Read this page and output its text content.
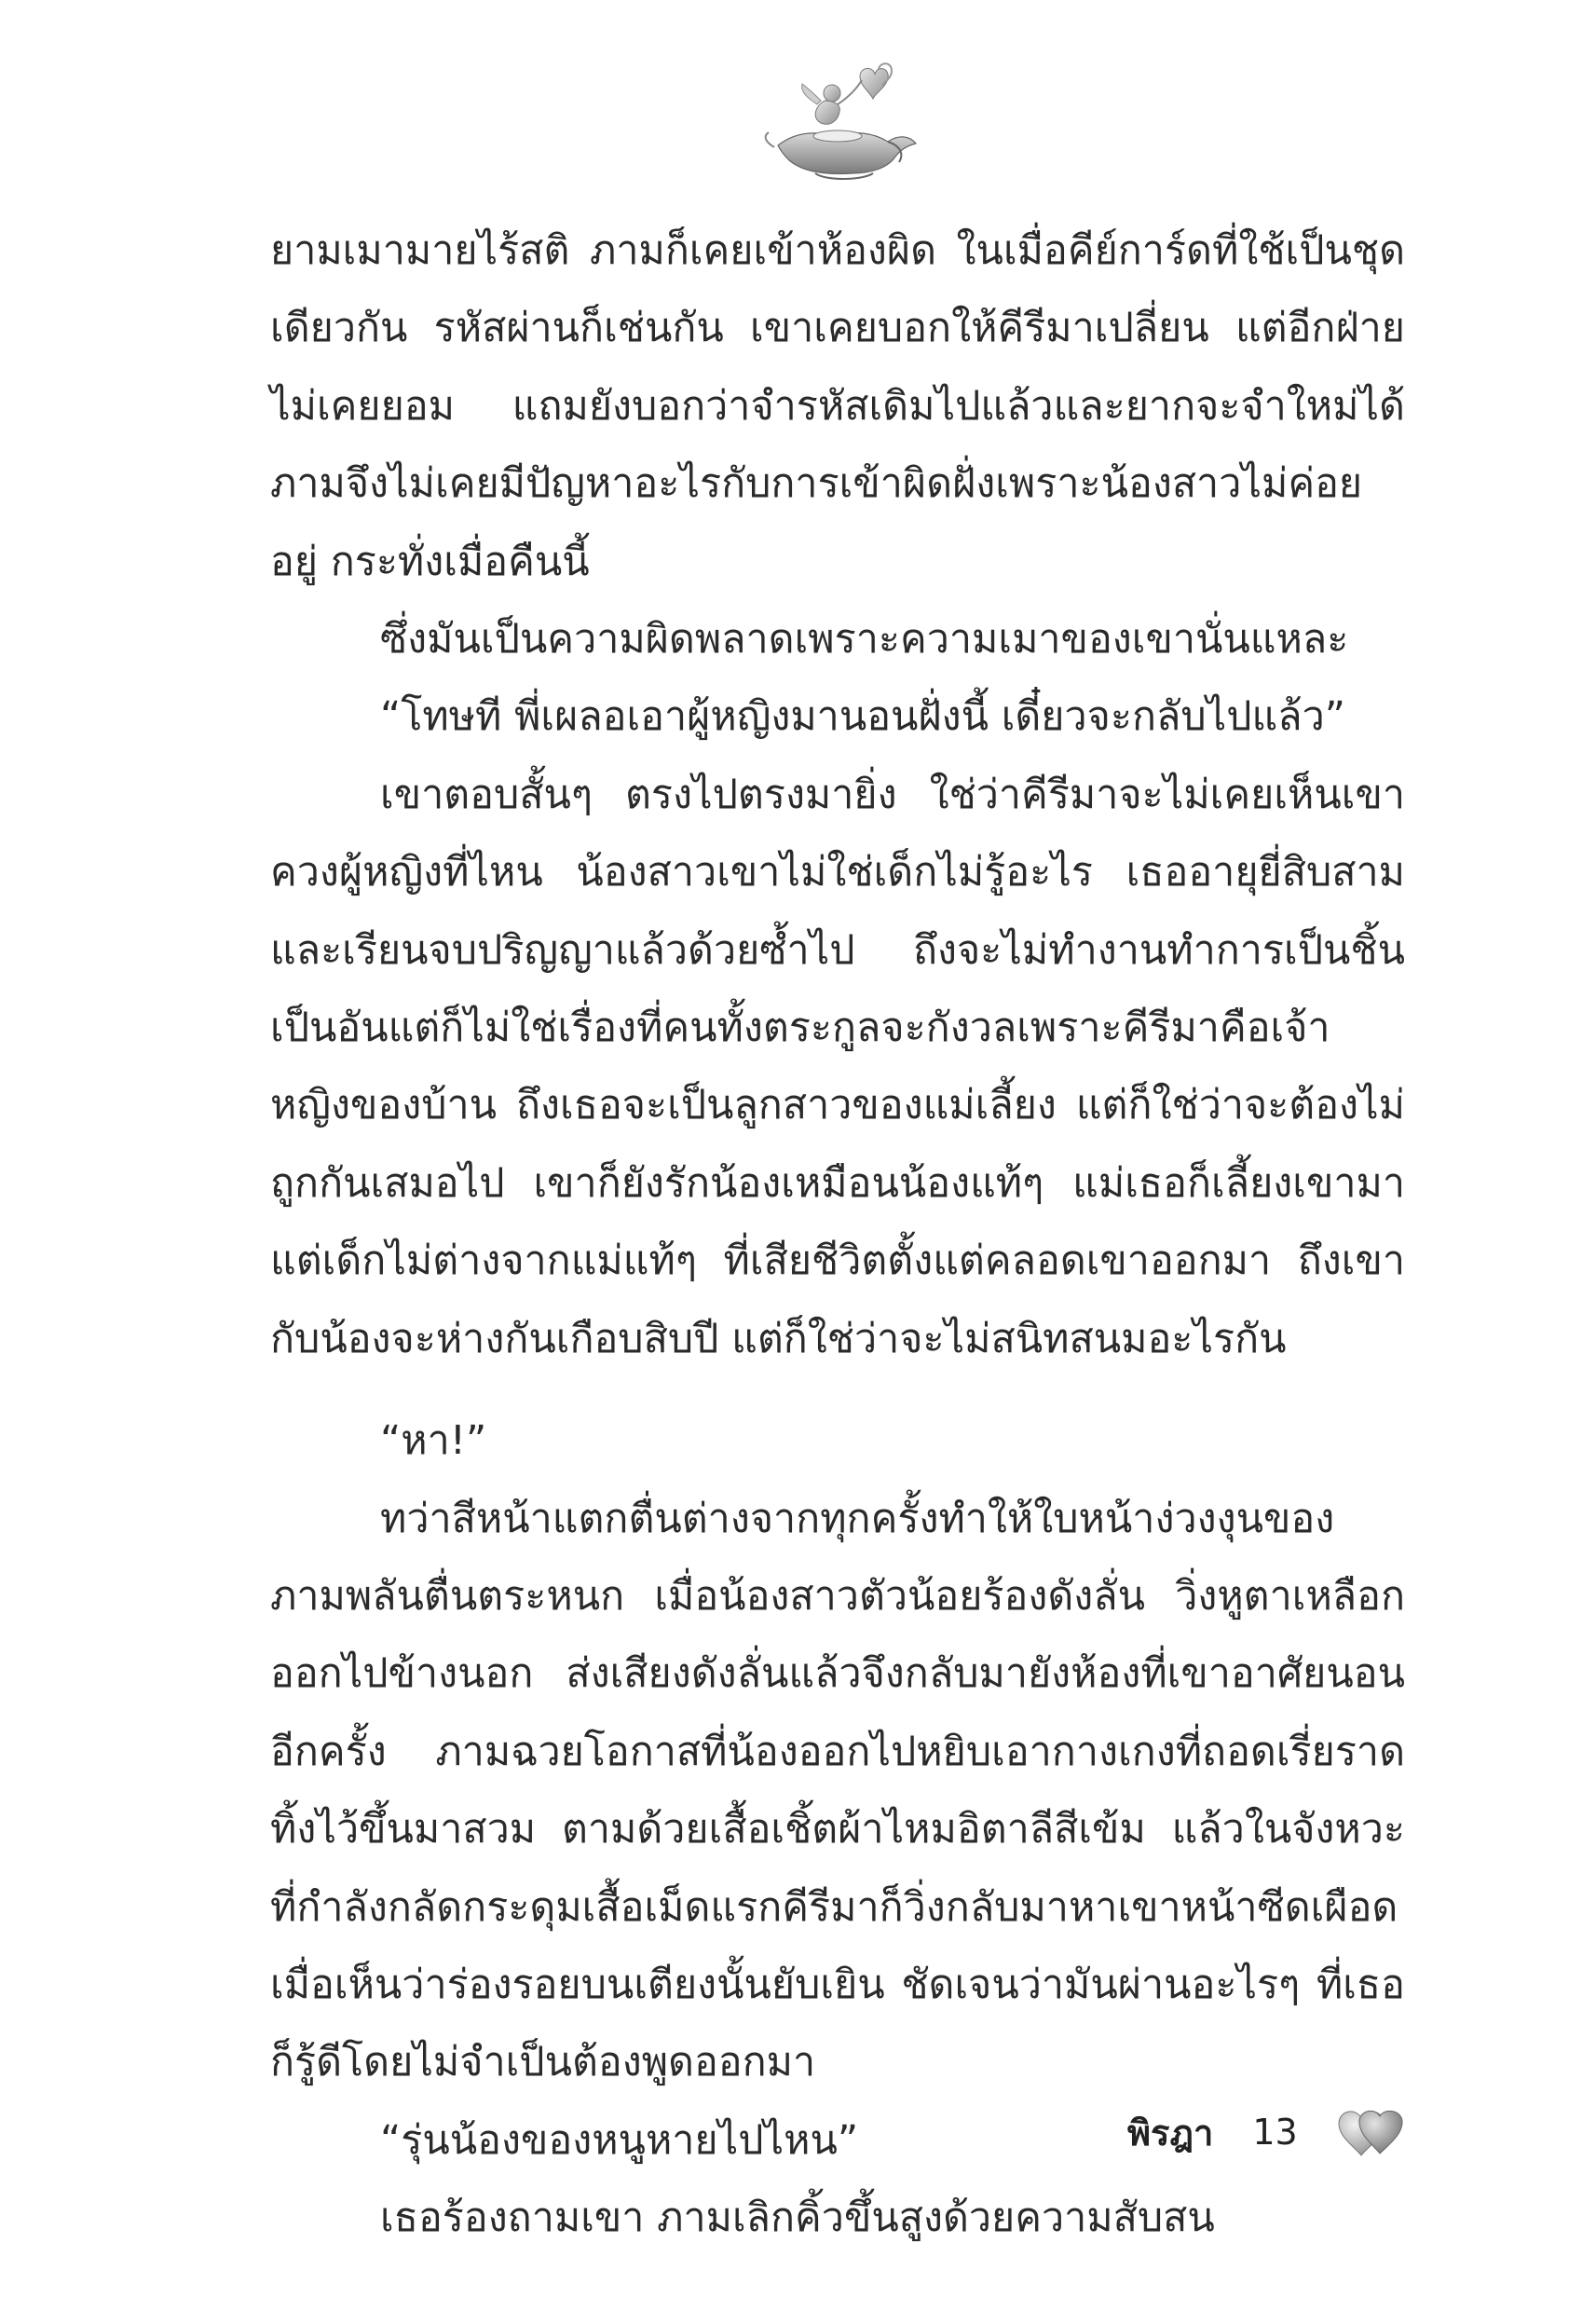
ยามเมามายไร้สติ ภามก็เคยเข้าห้องผิด ในเมื่อคีย์การ์ดที่ใช้เป็นชุดเดียวกัน รหัสผ่านก็เช่นกัน เขาเคยบอกให้คีรีมาเปลี่ยน แต่อีกฝ่ายไม่เคยยอม แถมยังบอกว่าจำรหัสเดิมไปแล้วและยากจะจำใหม่ได้ ภามจึงไม่เคยมีปัญหาอะไรกับการเข้าผิดฝั่งเพราะน้องสาวไม่ค่อยอยู่ กระทั่งเมื่อคืนนี้

ซึ่งมันเป็นความผิดพลาดเพราะความเมาของเขานั่นแหละ

“โทษที พี่เผลอเอาผู้หญิงมานอนฝั่งนี้ เดี๋ยวจะกลับไปแล้ว”

เขาตอบสั้นๆ ตรงไปตรงมายิ่ง ใช่ว่าคีรีมาจะไม่เคยเห็นเขาควงผู้หญิงที่ไหน น้องสาวเขาไม่ใช่เด็กไม่รู้อะไร เธออายุยี่สิบสามและเรียนจบปริญญาแล้วด้วยซ้ำไป ถึงจะไม่ทำงานทำการเป็นชิ้นเป็นอันแต่ก็ไม่ใช่เรื่องที่คนทั้งตระกูลจะกังวลเพราะคีรีมาคือเจ้าหญิงของบ้าน ถึงเธอจะเป็นลูกสาวของแม่เลี้ยง แต่ก็ใช่ว่าจะต้องไม่ถูกกันเสมอไป เขาก็ยังรักน้องเหมือนน้องแท้ๆ แม่เธอก็เลี้ยงเขามาแต่เด็กไม่ต่างจากแม่แท้ๆ ที่เสียชีวิตตั้งแต่คลอดเขาออกมา ถึงเขากับน้องจะห่างกันเกือบสิบปี แต่ก็ใช่ว่าจะไม่สนิทสนมอะไรกัน

“หา!”

ทว่าสีหน้าแตกตื่นต่างจากทุกครั้งทำให้ใบหน้าง่วงงุนของภามพลันตื่นตระหนก เมื่อน้องสาวตัวน้อยร้องดังลั่น วิ่งหูตาเหลือกออกไปข้างนอก ส่งเสียงดังลั่นแล้วจึงกลับมายังห้องที่เขาอาศัยนอนอีกครั้ง ภามฉวยโอกาสที่น้องออกไปหยิบเอากางเกงที่ถอดเรี่ยราดทิ้งไว้ขึ้นมาสวม ตามด้วยเสื้อเชิ้ตผ้าไหมอิตาลีสีเข้ม แล้วในจังหวะที่กำลังกลัดกระดุมเสื้อเม็ดแรกคีรีมาก็วิ่งกลับมาหาเขาหน้าซีดเผือด เมื่อเห็นว่าร่องรอยบนเตียงนั้นยับเยิน ชัดเจนว่ามันผ่านอะไรๆ ที่เธอก็รู้ดีโดยไม่จำเป็นต้องพูดออกมา

“รุ่นน้องของหนูหายไปไหน”

เธอร้องถามเขา ภามเลิกคิ้วขึ้นสูงด้วยความสับสน

พิรฎา 13
